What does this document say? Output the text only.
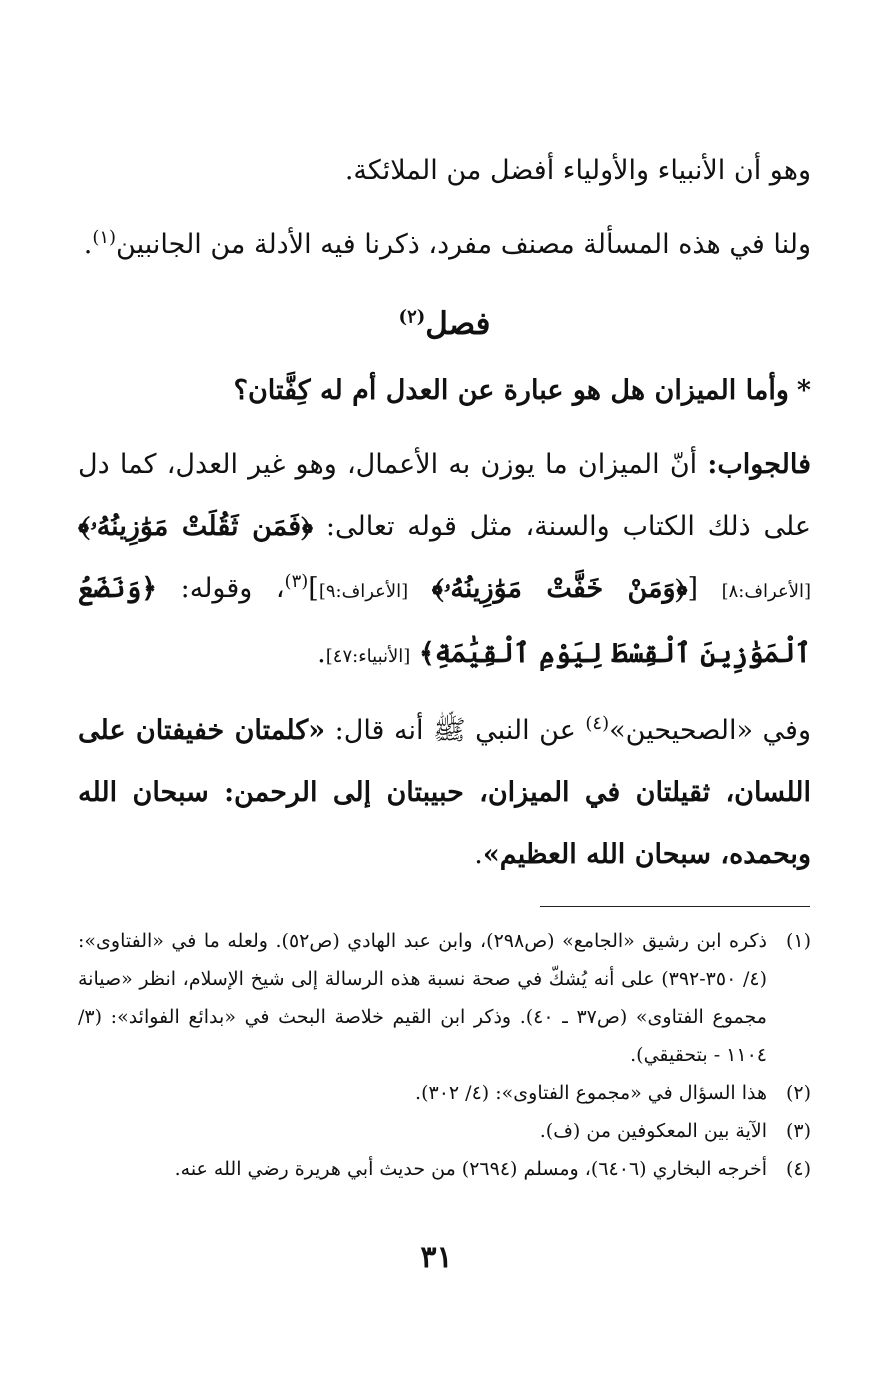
وهو أن الأنبياء والأولياء أفضل من الملائكة.

ولنا في هذه المسألة مصنف مفرد، ذكرنا فيه الأدلة من الجانبين$^{(١)}$.

فصل$^{(٢)}$

*وأما الميزان هل هو عبارة عن العدل أم له كِفَّتان؟

فالجواب: أنّ الميزان ما يوزن به الأعمال، وهو غير العدل، كما دل على ذلك الكتاب والسنة، مثل قوله تعالى: ﴿فَمَن ثَقُلَتْ مَوَٰزِينُهُۥ﴾ [الأعراف:٨] [﴿وَمَنْ خَفَّتْ مَوَٰزِينُهُۥ﴾ [الأعراف:٩]]$^{(٣)}$، وقوله: ﴿وَنَضَعُ ٱلْمَوَٰزِينَ ٱلْقِسْطَ لِيَوْمِ ٱلْقِيَٰمَةِ﴾ [الأنبياء:٤٧].

وفي «الصحيحين»$^{(٤)}$ عن النبي ﷺ أنه قال: «كلمتان خفيفتان على اللسان، ثقيلتان في الميزان، حبيبتان إلى الرحمن: سبحان الله وبحمده، سبحان الله العظيم».

(١)
ذكره ابن رشيق «الجامع» (ص٢٩٨)، وابن عبد الهادي (ص٥٢). ولعله ما في «الفتاوى»: (٤/ ٣٥٠-٣٩٢) على أنه يُشكّ في صحة نسبة هذه الرسالة إلى شيخ الإسلام، انظر «صيانة مجموع الفتاوى» (ص٣٧ ـ ٤٠). وذكر ابن القيم خلاصة البحث في «بدائع الفوائد»: (٣/ ١١٠٤ - بتحقيقي).

(٢)
هذا السؤال في «مجموع الفتاوى»: (٤/ ٣٠٢).

(٣)
الآية بين المعكوفين من (ف).

(٤)
أخرجه البخاري (٦٤٠٦)، ومسلم (٢٦٩٤) من حديث أبي هريرة رضي الله عنه.

٣١
